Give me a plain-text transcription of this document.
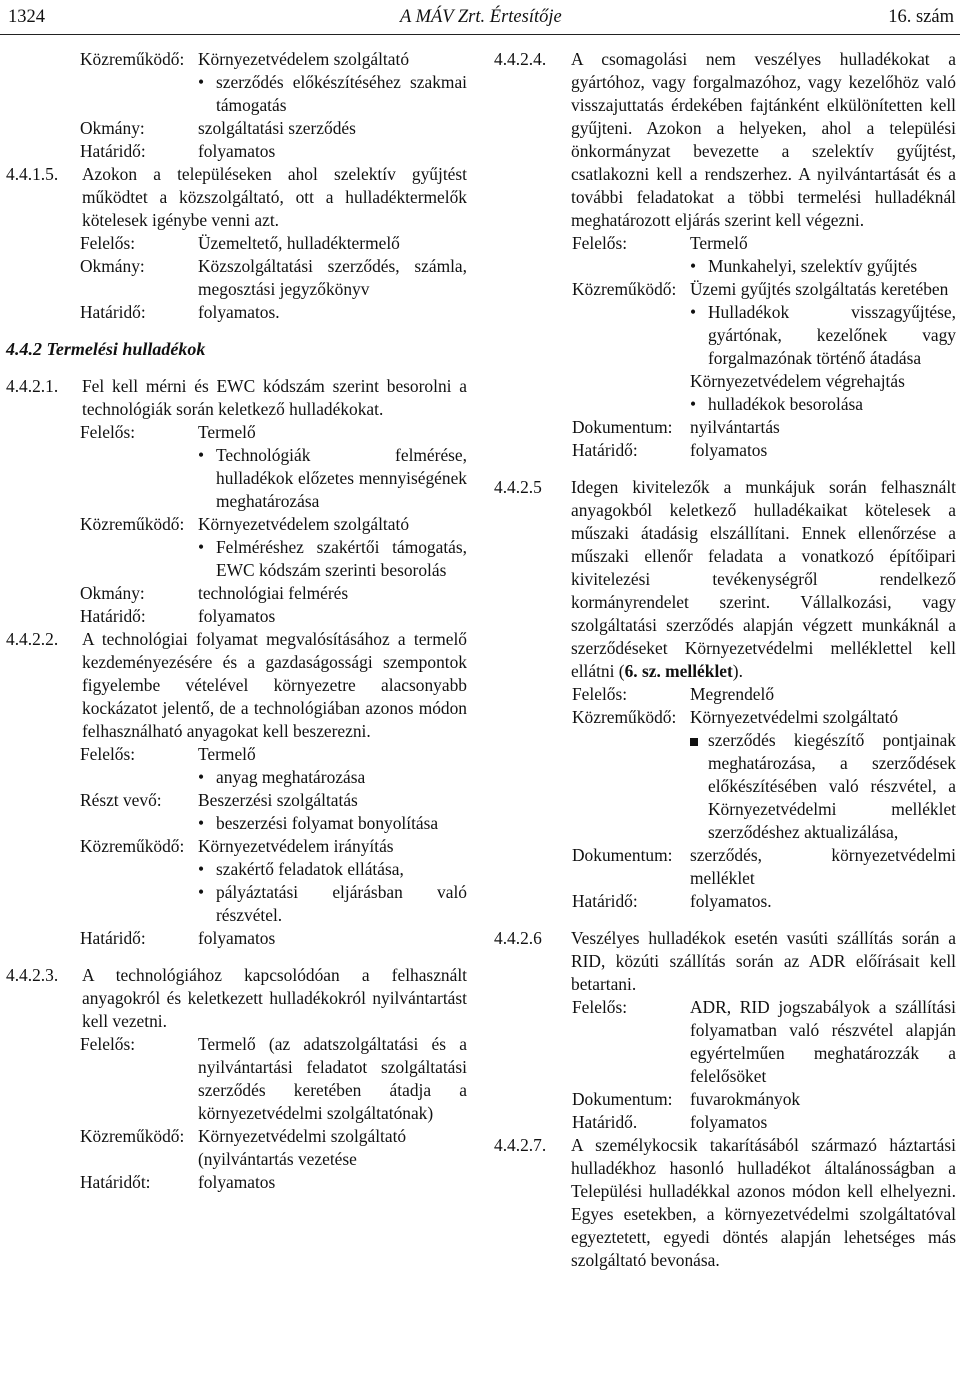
1324	A MÁV Zrt. Értesítője	16. szám
Közreműködő: Környezetvédelem szolgáltató
• szerződés előkészítéséhez szakmai támogatás
Okmány:	szolgáltatási szerződés
Határidő:	folyamatos
4.4.1.5.	Azokon a településeken ahol szelektív gyűjtést működtet a közszolgáltató, ott a hulladéktermelők kötelesek igénybe venni azt.
Felelős:	Üzemeltető, hulladéktermelő
Okmány:	Közszolgáltatási szerződés, számla, megosztási jegyzőkönyv
Határidő:	folyamatos.
4.4.2 Termelési hulladékok
4.4.2.1.	Fel kell mérni és EWC kódszám szerint besorolni a technológiák során keletkező hulladékokat.
Felelős:	Termelő
• Technológiák felmérése, hulladékok előzetes mennyiségének meghatározása
Közreműködő: Környezetvédelem szolgáltató
• Felméréshez szakértői támogatás, EWC kódszám szerinti besorolás
Okmány:	technológiai felmérés
Határidő:	folyamatos
4.4.2.2.	A technológiai folyamat megvalósításához a termelő kezdeményezésére és a gazdaságossági szempontok figyelembe vételével környezetre alacsonyabb kockázatot jelentő, de a technológiában azonos módon felhasználható anyagokat kell beszerezni.
Felelős:	Termelő
• anyag meghatározása
Részt vevő:	Beszerzési szolgáltatás
• beszerzési folyamat bonyolítása
Közreműködő: Környezetvédelem irányítás
• szakértő feladatok ellátása,
• pályáztatási eljárásban való részvétel.
Határidő:	folyamatos
4.4.2.3.	A technológiához kapcsolódóan a felhasznált anyagokról és keletkezett hulladékokról nyilvántartást kell vezetni.
Felelős:	Termelő (az adatszolgáltatási és a nyilvántartási feladatot szolgáltatási szerződés keretében átadja a környezetvédelmi szolgáltatónak)
Közreműködő: Környezetvédelmi szolgáltató (nyilvántartás vezetése
Határidőt:	folyamatos
4.4.2.4.	A csomagolási nem veszélyes hulladékokat a gyártóhoz, vagy forgalmazóhoz, vagy kezelőhöz való visszajuttatás érdekében fajtánként elkülönítetten kell gyűjteni. Azokon a helyeken, ahol a települési önkormányzat bevezette a szelektív gyűjtést, csatlakozni kell a rendszerhez. A nyilvántartását és a további feladatokat a többi termelési hulladéknál meghatározott eljárás szerint kell végezni.
Felelős:	Termelő
• Munkahelyi, szelektív gyűjtés
Közreműködő: Üzemi gyűjtés szolgáltatás keretében
• Hulladékok visszagyűjtése, gyártónak, kezelőnek vagy forgalmazónak történő átadása
Környezetvédelem végrehajtás
• hulladékok besorolása
Dokumentum:	nyilvántartás
Határidő:	folyamatos
4.4.2.5	Idegen kivitelezők a munkájuk során felhasznált anyagokból keletkező hulladékaikat kötelesek a műszaki átadásig elszállítani. Ennek ellenőrzése a műszaki ellenőr feladata a vonatkozó építőipari kivitelezési tevékenységről rendelkező kormányrendelet szerint. Vállalkozási, vagy szolgáltatási szerződés alapján végzett munkáknál a szerződéseket Környezetvédelmi melléklettel kell ellátni (6. sz. melléklet).
Felelős:	Megrendelő
Közreműködő: Környezetvédelmi szolgáltató
szerződés kiegészítő pontjainak meghatározása, a szerződések előkészítésében való részvétel, a Környezetvédelmi melléklet szerződéshez aktualizálása,
Dokumentum:	szerződés, környezetvédelmi melléklet
Határidő:	folyamatos.
4.4.2.6	Veszélyes hulladékok esetén vasúti szállítás során a RID, közúti szállítás során az ADR előírásait kell betartani.
Felelős:	ADR, RID jogszabályok a szállítási folyamatban való részvétel alapján egyértelműen meghatározzák a felelősöket
Dokumentum:	fuvarokmányok
Határidő.	folyamatos
4.4.2.7.	A személykocsik takarításából származó háztartási hulladékhoz hasonló hulladékot általánosságban a Települési hulladékkal azonos módon kell elhelyezni. Egyes esetekben, a környezetvédelmi szolgáltatóval egyeztetett, egyedi döntés alapján lehetséges más szolgáltató bevonása.
